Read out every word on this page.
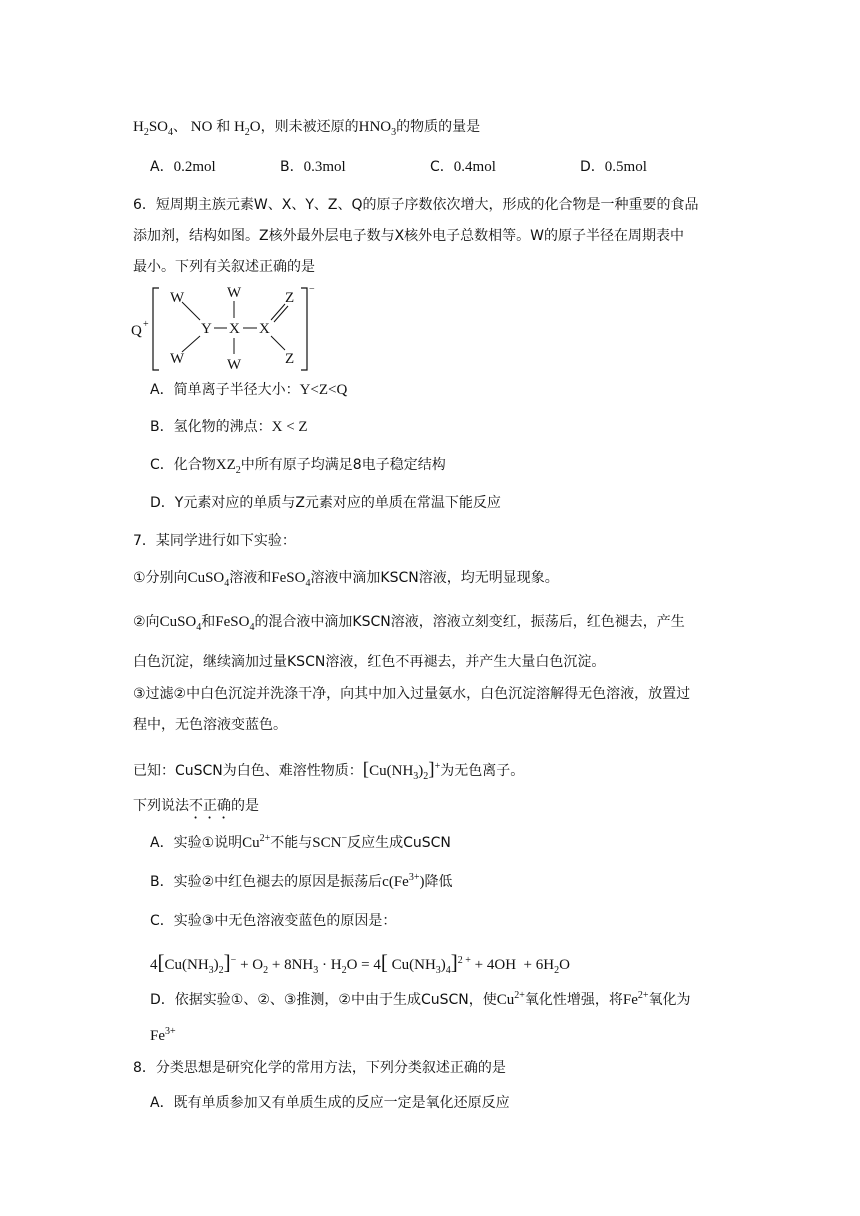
$H_2SO_4$、 NO 和 $H_2O$，则未被还原的$HNO_3$的物质的量是
A．0.2mol	B．0.3mol	C．0.4mol	D．0.5mol
6．短周期主族元素W、X、Y、Z、Q的原子序数依次增大，形成的化合物是一种重要的食品
添加剂，结构如图。Z核外最外层电子数与X核外电子总数相等。W的原子半径在周期表中
最小。下列有关叙述正确的是
Q +
−
W
W
Y
W
X
W
X
Z
Z
A．简单离子半径大小：Y<Z<Q
B．氢化物的沸点：X < Z
C．化合物$XZ_2$中所有原子均满足8电子稳定结构
D．Y元素对应的单质与Z元素对应的单质在常温下能反应
7．某同学进行如下实验：
①分别向CuSO$_4$溶液和FeSO$_4$溶液中滴加KSCN溶液，均无明显现象。
②向CuSO$_4$和FeSO$_4$的混合液中滴加KSCN溶液，溶液立刻变红，振荡后，红色褪去，产生
白色沉淀，继续滴加过量KSCN溶液，红色不再褪去，并产生大量白色沉淀。
③过滤②中白色沉淀并洗涤干净，向其中加入过量氨水，白色沉淀溶解得无色溶液，放置过
程中，无色溶液变蓝色。
已知：CuSCN为白色、难溶性物质：$[Cu(NH_3)_2]^+$为无色离子。
下列说法不正确的是
A．实验①说明$Cu^{2+}$不能与SCN−反应生成CuSCN
B．实验②中红色褪去的原因是振荡后$c(Fe^{3+})$降低
C．实验③中无色溶液变蓝色的原因是：
$4[Cu(NH_3)_2]^- + O_2 + 8NH_3 \cdot H_2O = 4$[ $Cu(NH_3)_4]^{2 +} + 4OH + 6H_2O$
D．依据实验①、②、③推测，②中由于生成CuSCN，使$Cu^{2+}$氧化性增强，将$Fe^{2+}$氧化为
$Fe^{3+}$
8．分类思想是研究化学的常用方法，下列分类叙述正确的是
A．既有单质参加又有单质生成的反应一定是氧化还原反应
